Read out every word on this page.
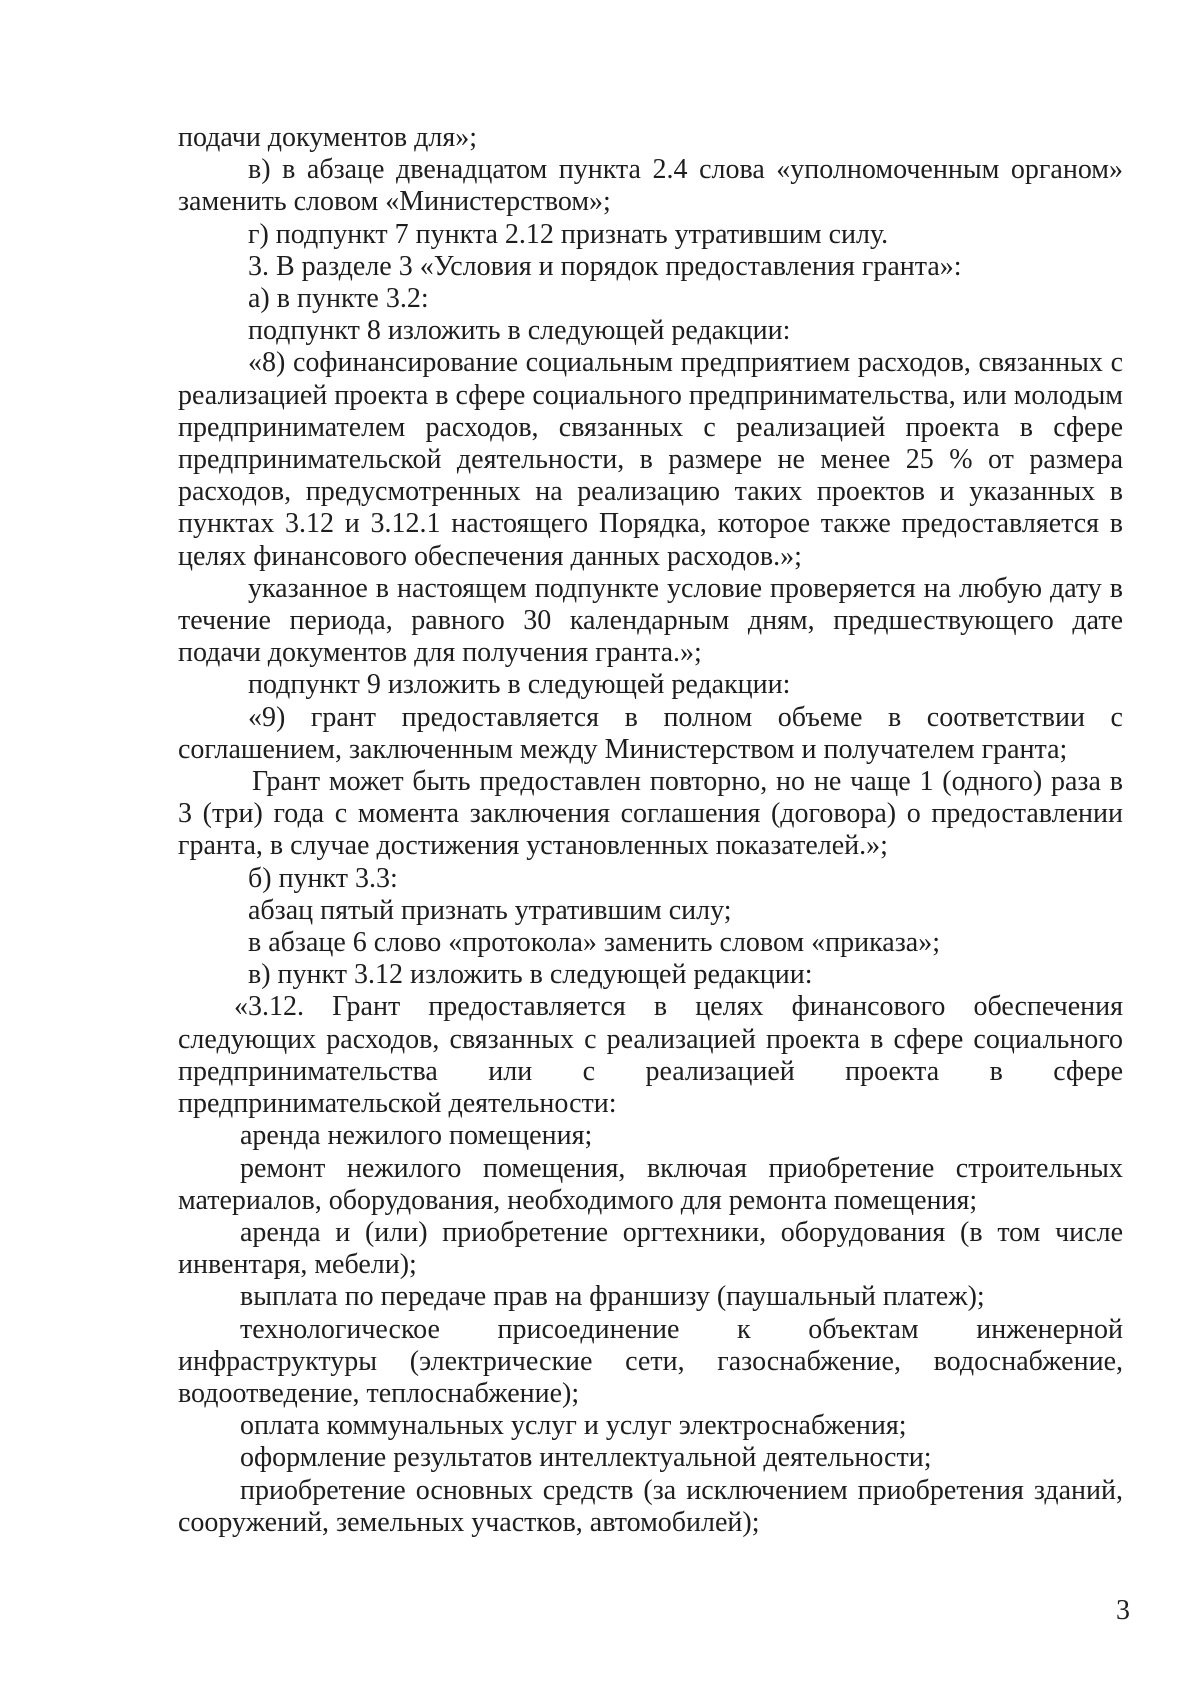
подачи документов для»;

в) в абзаце двенадцатом пункта 2.4 слова «уполномоченным органом» заменить словом «Министерством»;

г) подпункт 7 пункта 2.12 признать утратившим силу.

3. В разделе 3 «Условия и порядок предоставления гранта»:

а) в пункте 3.2:

подпункт 8 изложить в следующей редакции:

«8) софинансирование социальным предприятием расходов, связанных с реализацией проекта в сфере социального предпринимательства, или молодым предпринимателем расходов, связанных с реализацией проекта в сфере предпринимательской деятельности, в размере не менее 25 % от размера расходов, предусмотренных на реализацию таких проектов и указанных в пунктах 3.12 и 3.12.1 настоящего Порядка, которое также предоставляется в целях финансового обеспечения данных расходов.»;

указанное в настоящем подпункте условие проверяется на любую дату в течение периода, равного 30 календарным дням, предшествующего дате подачи документов для получения гранта.»;

подпункт 9 изложить в следующей редакции:

«9) грант предоставляется в полном объеме в соответствии с соглашением, заключенным между Министерством и получателем гранта;

Грант может быть предоставлен повторно, но не чаще 1 (одного) раза в 3 (три) года с момента заключения соглашения (договора) о предоставлении гранта, в случае достижения установленных показателей.»;

б) пункт 3.3:

абзац пятый признать утратившим силу;

в абзаце 6 слово «протокола» заменить словом «приказа»;

в) пункт 3.12 изложить в следующей редакции:

«3.12. Грант предоставляется в целях финансового обеспечения следующих расходов, связанных с реализацией проекта в сфере социального предпринимательства или с реализацией проекта в сфере предпринимательской деятельности:

аренда нежилого помещения;

ремонт нежилого помещения, включая приобретение строительных материалов, оборудования, необходимого для ремонта помещения;

аренда и (или) приобретение оргтехники, оборудования (в том числе инвентаря, мебели);

выплата по передаче прав на франшизу (паушальный платеж);

технологическое присоединение к объектам инженерной инфраструктуры (электрические сети, газоснабжение, водоснабжение, водоотведение, теплоснабжение);

оплата коммунальных услуг и услуг электроснабжения;

оформление результатов интеллектуальной деятельности;

приобретение основных средств (за исключением приобретения зданий, сооружений, земельных участков, автомобилей);

3
